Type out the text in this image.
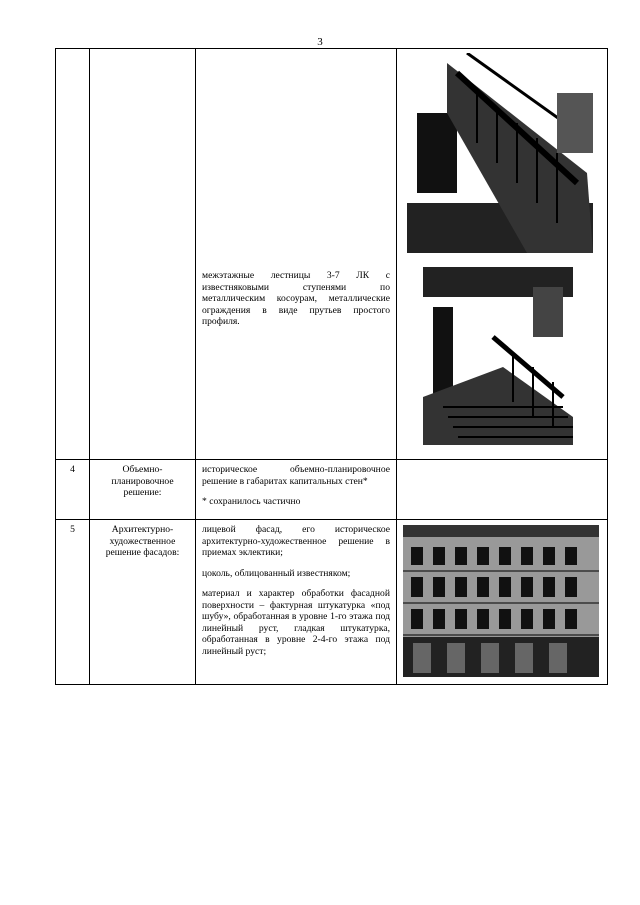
3

		межэтажные лестницы 3-7 ЛК с известняковыми ступенями по металлическим косоурам, металлические ограждения в виде прутьев простого профиля.

4	Объемно-планировочное решение:	историческое объемно-планировочное решение в габаритах капитальных стен*

* сохранилось частично	

5	Архитектурно-художественное решение фасадов:	лицевой фасад, его историческое архитектурно-художественное решение в приемах эклектики;

цоколь, облицованный известняком;

материал и характер обработки фасадной поверхности – фактурная штукатурка «под шубу», обработанная в уровне 1-го этажа под линейный руст, гладкая штукатурка, обработанная в уровне 2-4-го этажа под линейный руст;
